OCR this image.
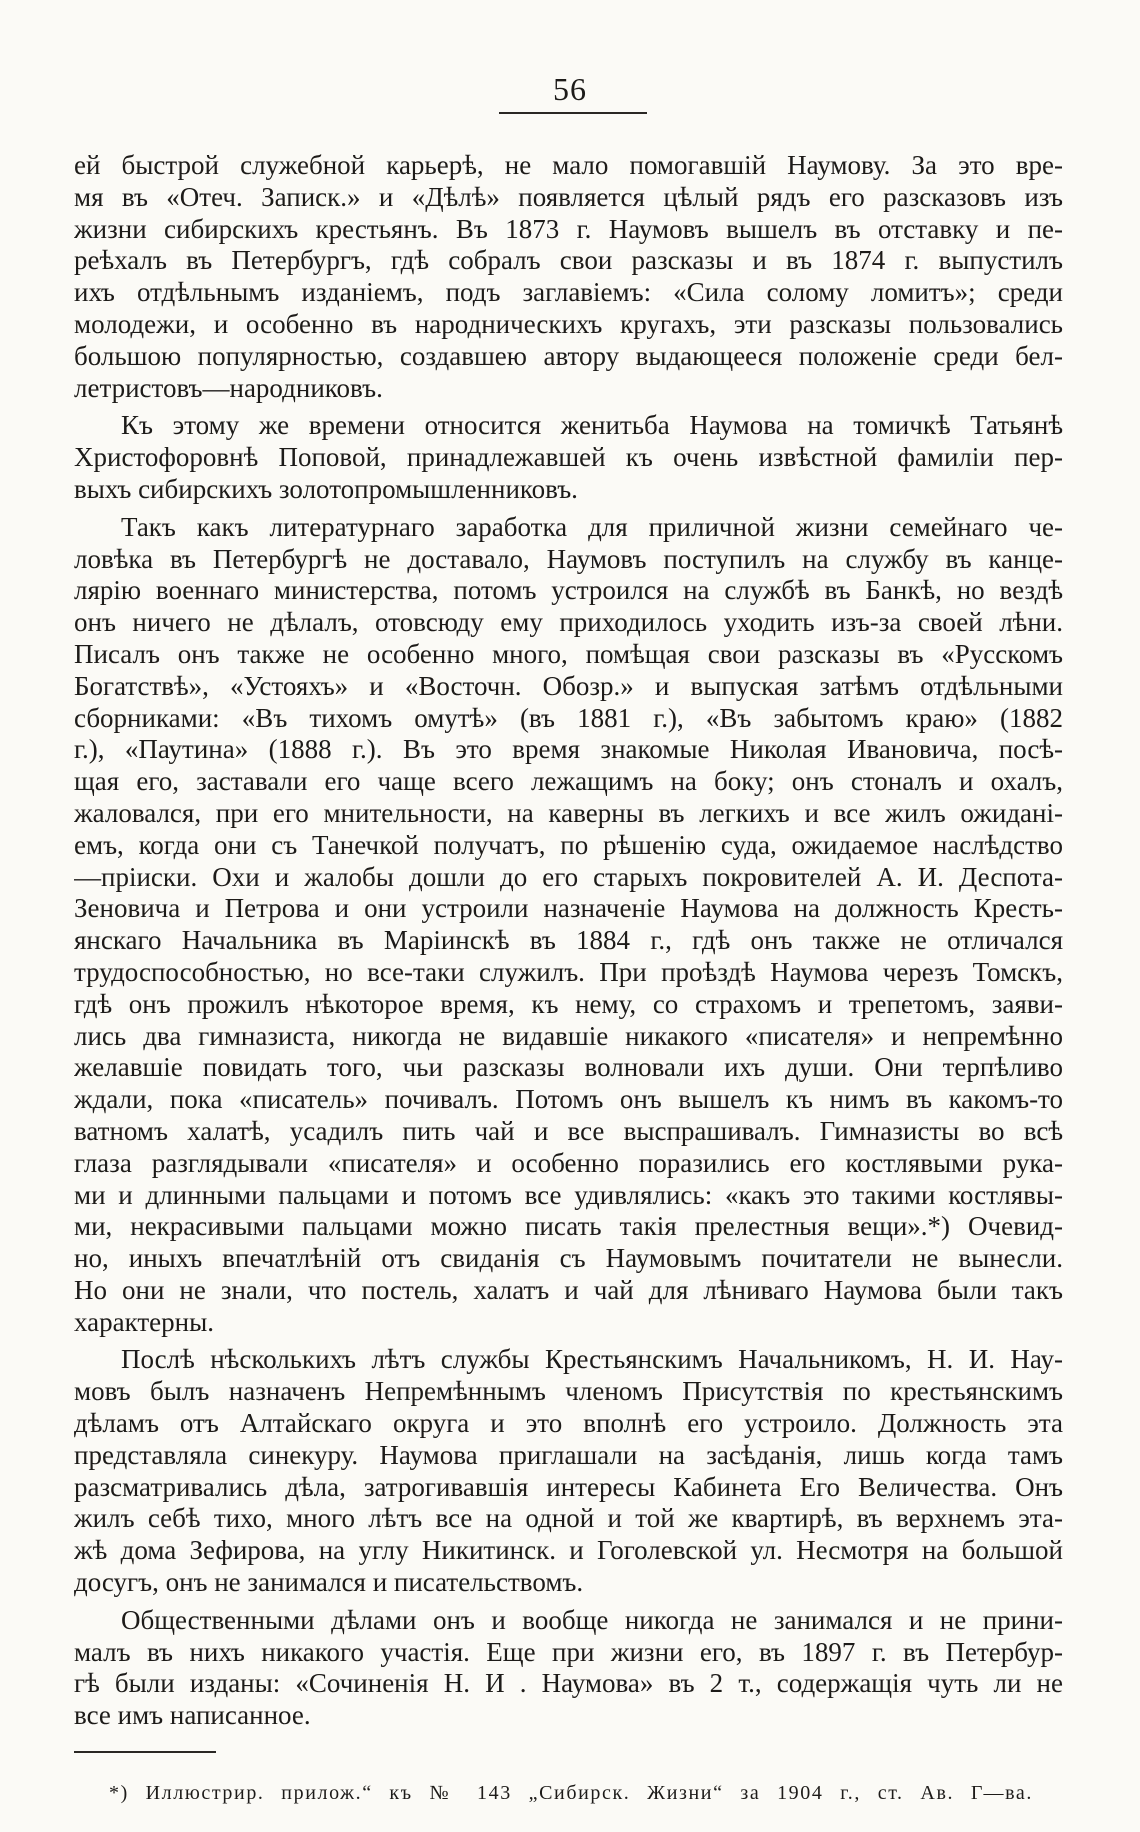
56
ей быстрой служебной карьерѣ, не мало помогавшій Наумову. За это вре-
мя въ «Отеч. Записк.» и «Дѣлѣ» появляется цѣлый рядъ его разсказовъ изъ
жизни сибирскихъ крестьянъ. Въ 1873 г. Наумовъ вышелъ въ отставку и пе-
реѣхалъ въ Петербургъ, гдѣ собралъ свои разсказы и въ 1874 г. выпустилъ
ихъ отдѣльнымъ изданіемъ, подъ заглавіемъ: «Сила солому ломитъ»; среди
молодежи, и особенно въ народническихъ кругахъ, эти разсказы пользовались
большою популярностью, создавшею автору выдающееся положеніе среди бел-
летристовъ—народниковъ.
Къ этому же времени относится женитьба Наумова на томичкѣ Татьянѣ
Христофоровнѣ Поповой, принадлежавшей къ очень извѣстной фамиліи пер-
выхъ сибирскихъ золотопромышленниковъ.
Такъ какъ литературнаго заработка для приличной жизни семейнаго че-
ловѣка въ Петербургѣ не доставало, Наумовъ поступилъ на службу въ канце-
лярію военнаго министерства, потомъ устроился на службѣ въ Банкѣ, но вездѣ
онъ ничего не дѣлалъ, отовсюду ему приходилось уходить изъ-за своей лѣни.
Писалъ онъ также не особенно много, помѣщая свои разсказы въ «Русскомъ
Богатствѣ», «Устояхъ» и «Восточн. Обозр.» и выпуская затѣмъ отдѣльными
сборниками: «Въ тихомъ омутѣ» (въ 1881 г.), «Въ забытомъ краю» (1882
г.), «Паутина» (1888 г.). Въ это время знакомые Николая Ивановича, посѣ-
щая его, заставали его чаще всего лежащимъ на боку; онъ стоналъ и охалъ,
жаловался, при его мнительности, на каверны въ легкихъ и все жилъ ожидані-
емъ, когда они съ Танечкой получатъ, по рѣшенію суда, ожидаемое наслѣдство
—пріиски. Охи и жалобы дошли до его старыхъ покровителей А. И. Деспота-
Зеновича и Петрова и они устроили назначеніе Наумова на должность Кресть-
янскаго Начальника въ Маріинскѣ въ 1884 г., гдѣ онъ также не отличался
трудоспособностью, но все-таки служилъ. При проѣздѣ Наумова черезъ Томскъ,
гдѣ онъ прожилъ нѣкоторое время, къ нему, со страхомъ и трепетомъ, заяви-
лись два гимназиста, никогда не видавшіе никакого «писателя» и непремѣнно
желавшіе повидать того, чьи разсказы волновали ихъ души. Они терпѣливо
ждали, пока «писатель» почивалъ. Потомъ онъ вышелъ къ нимъ въ какомъ-то
ватномъ халатѣ, усадилъ пить чай и все выспрашивалъ. Гимназисты во всѣ
глаза разглядывали «писателя» и особенно поразились его костлявыми рука-
ми и длинными пальцами и потомъ все удивлялись: «какъ это такими костлявы-
ми, некрасивыми пальцами можно писать такія прелестныя вещи».*) Очевид-
но, иныхъ впечатлѣній отъ свиданія съ Наумовымъ почитатели не вынесли.
Но они не знали, что постель, халатъ и чай для лѣниваго Наумова были такъ
характерны.
Послѣ нѣсколькихъ лѣтъ службы Крестьянскимъ Начальникомъ, Н. И. Нау-
мовъ былъ назначенъ Непремѣннымъ членомъ Присутствія по крестьянскимъ
дѣламъ отъ Алтайскаго округа и это вполнѣ его устроило. Должность эта
представляла синекуру. Наумова приглашали на засѣданія, лишь когда тамъ
разсматривались дѣла, затрогивавшія интересы Кабинета Его Величества. Онъ
жилъ себѣ тихо, много лѣтъ все на одной и той же квартирѣ, въ верхнемъ эта-
жѣ дома Зефирова, на углу Никитинск. и Гоголевской ул. Несмотря на большой
досугъ, онъ не занимался и писательствомъ.
Общественными дѣлами онъ и вообще никогда не занимался и не прини-
малъ въ нихъ никакого участія. Еще при жизни его, въ 1897 г. въ Петербур-
гѣ были изданы: «Сочиненія Н. И . Наумова» въ 2 т., содержащія чуть ли не
все имъ написанное.
*) Иллюстрир. прилож.“ къ № 143 „Сибирск. Жизни“ за 1904 г., ст. Ав. Г—ва.
